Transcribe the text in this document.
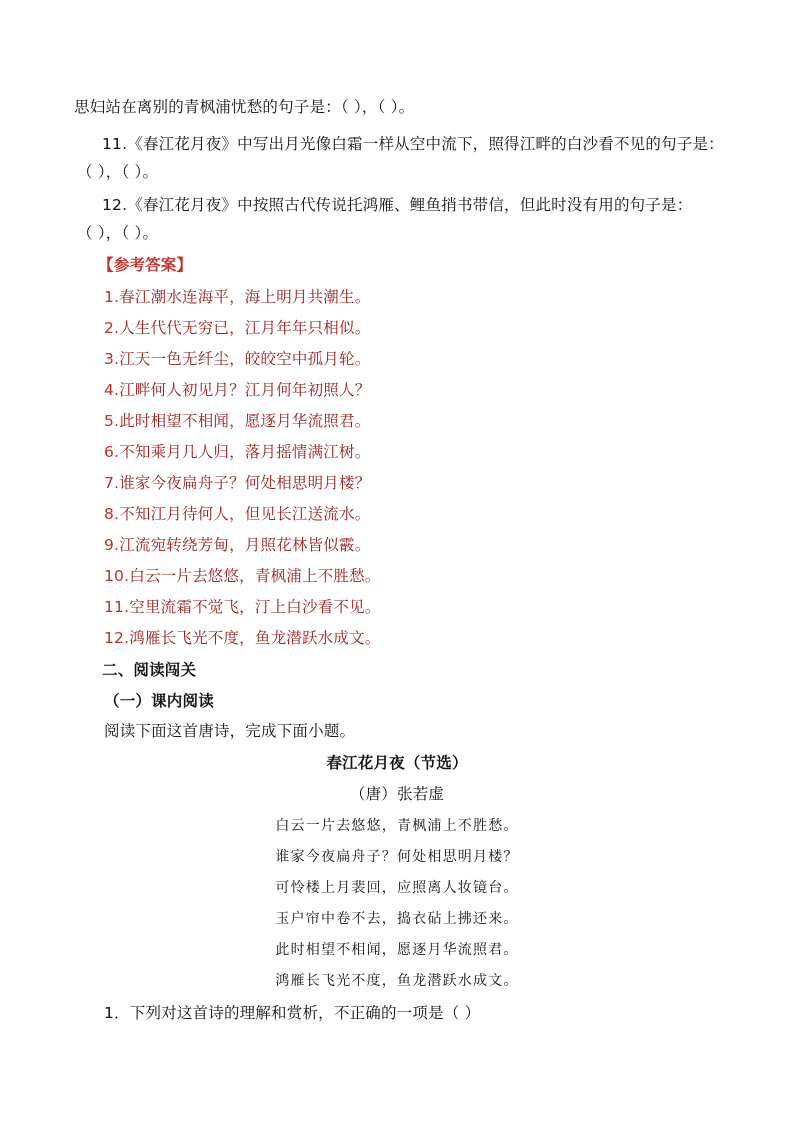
思妇站在离别的青枫浦忧愁的句子是：（ ），（ ）。
11.《春江花月夜》中写出月光像白霜一样从空中流下，照得江畔的白沙看不见的句子是：
（ ），（ ）。
12.《春江花月夜》中按照古代传说托鸿雁、鲤鱼捎书带信，但此时没有用的句子是：
（ ），（ ）。
【参考答案】
1.春江潮水连海平，海上明月共潮生。
2.人生代代无穷已，江月年年只相似。
3.江天一色无纤尘，皎皎空中孤月轮。
4.江畔何人初见月？江月何年初照人？
5.此时相望不相闻，愿逐月华流照君。
6.不知乘月几人归，落月摇情满江树。
7.谁家今夜扁舟子？何处相思明月楼？
8.不知江月待何人，但见长江送流水。
9.江流宛转绕芳甸，月照花林皆似霰。
10.白云一片去悠悠，青枫浦上不胜愁。
11.空里流霜不觉飞，汀上白沙看不见。
12.鸿雁长飞光不度，鱼龙潜跃水成文。
二、阅读闯关
（一）课内阅读
阅读下面这首唐诗，完成下面小题。
春江花月夜（节选）
（唐）张若虚
白云一片去悠悠，青枫浦上不胜愁。
谁家今夜扁舟子？何处相思明月楼？
可怜楼上月裴回，应照离人妆镜台。
玉户帘中卷不去，捣衣砧上拂还来。
此时相望不相闻，愿逐月华流照君。
鸿雁长飞光不度，鱼龙潜跃水成文。
1．下列对这首诗的理解和赏析，不正确的一项是（ ）
